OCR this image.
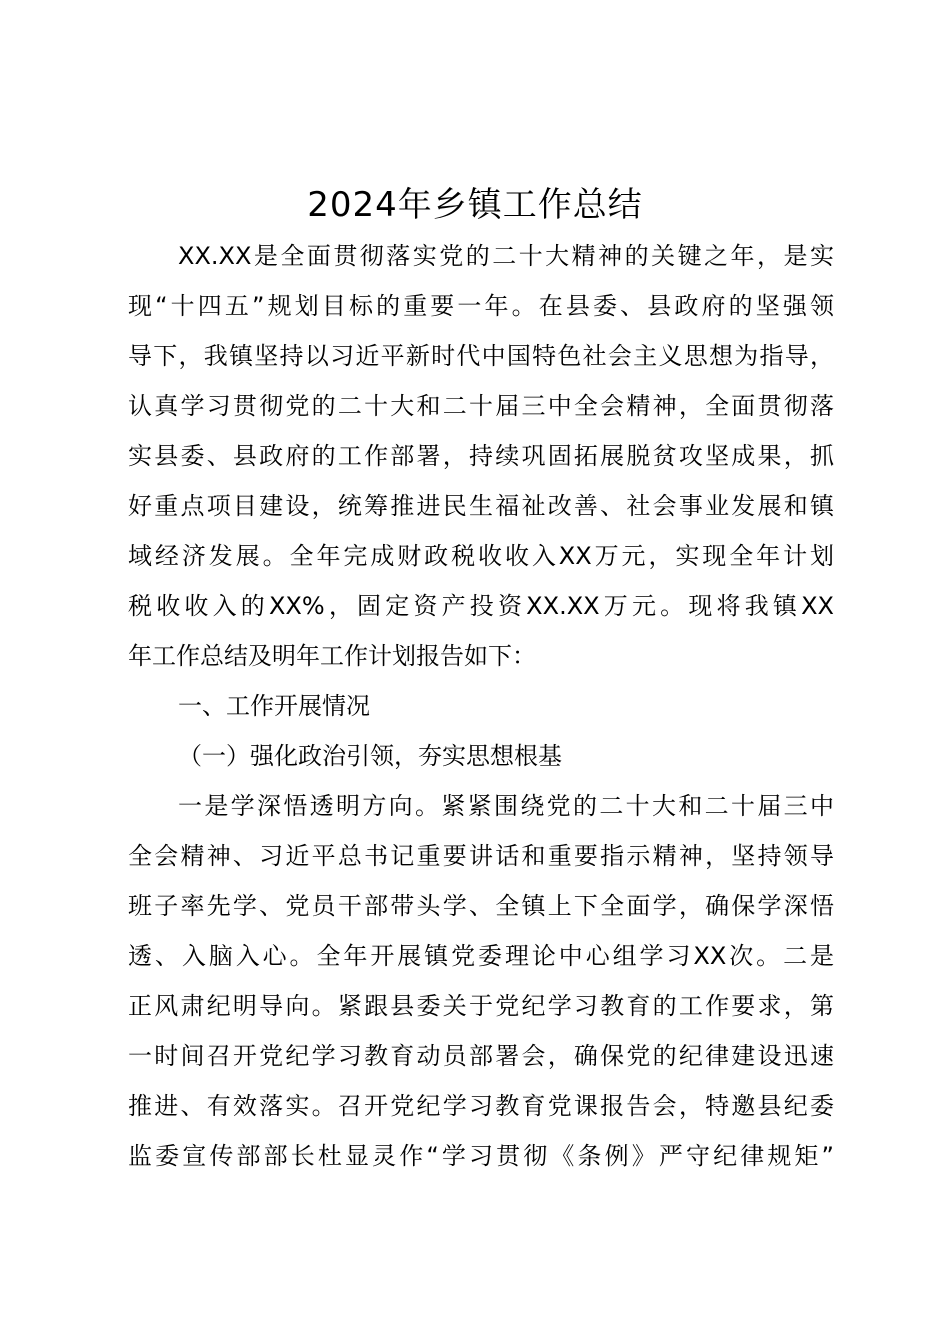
2024年乡镇工作总结
XX.XX是全面贯彻落实党的二十大精神的关键之年，是实
现“十四五”规划目标的重要一年。在县委、县政府的坚强领
导下，我镇坚持以习近平新时代中国特色社会主义思想为指导，
认真学习贯彻党的二十大和二十届三中全会精神，全面贯彻落
实县委、县政府的工作部署，持续巩固拓展脱贫攻坚成果，抓
好重点项目建设，统筹推进民生福祉改善、社会事业发展和镇
域经济发展。全年完成财政税收收入XX万元，实现全年计划
税收收入的XX%，固定资产投资XX.XX万元。现将我镇XX
年工作总结及明年工作计划报告如下：
一、工作开展情况
（一）强化政治引领，夯实思想根基
一是学深悟透明方向。紧紧围绕党的二十大和二十届三中
全会精神、习近平总书记重要讲话和重要指示精神，坚持领导
班子率先学、党员干部带头学、全镇上下全面学，确保学深悟
透、入脑入心。全年开展镇党委理论中心组学习XX次。二是
正风肃纪明导向。紧跟县委关于党纪学习教育的工作要求，第
一时间召开党纪学习教育动员部署会，确保党的纪律建设迅速
推进、有效落实。召开党纪学习教育党课报告会，特邀县纪委
监委宣传部部长杜显灵作“学习贯彻《条例》严守纪律规矩”
